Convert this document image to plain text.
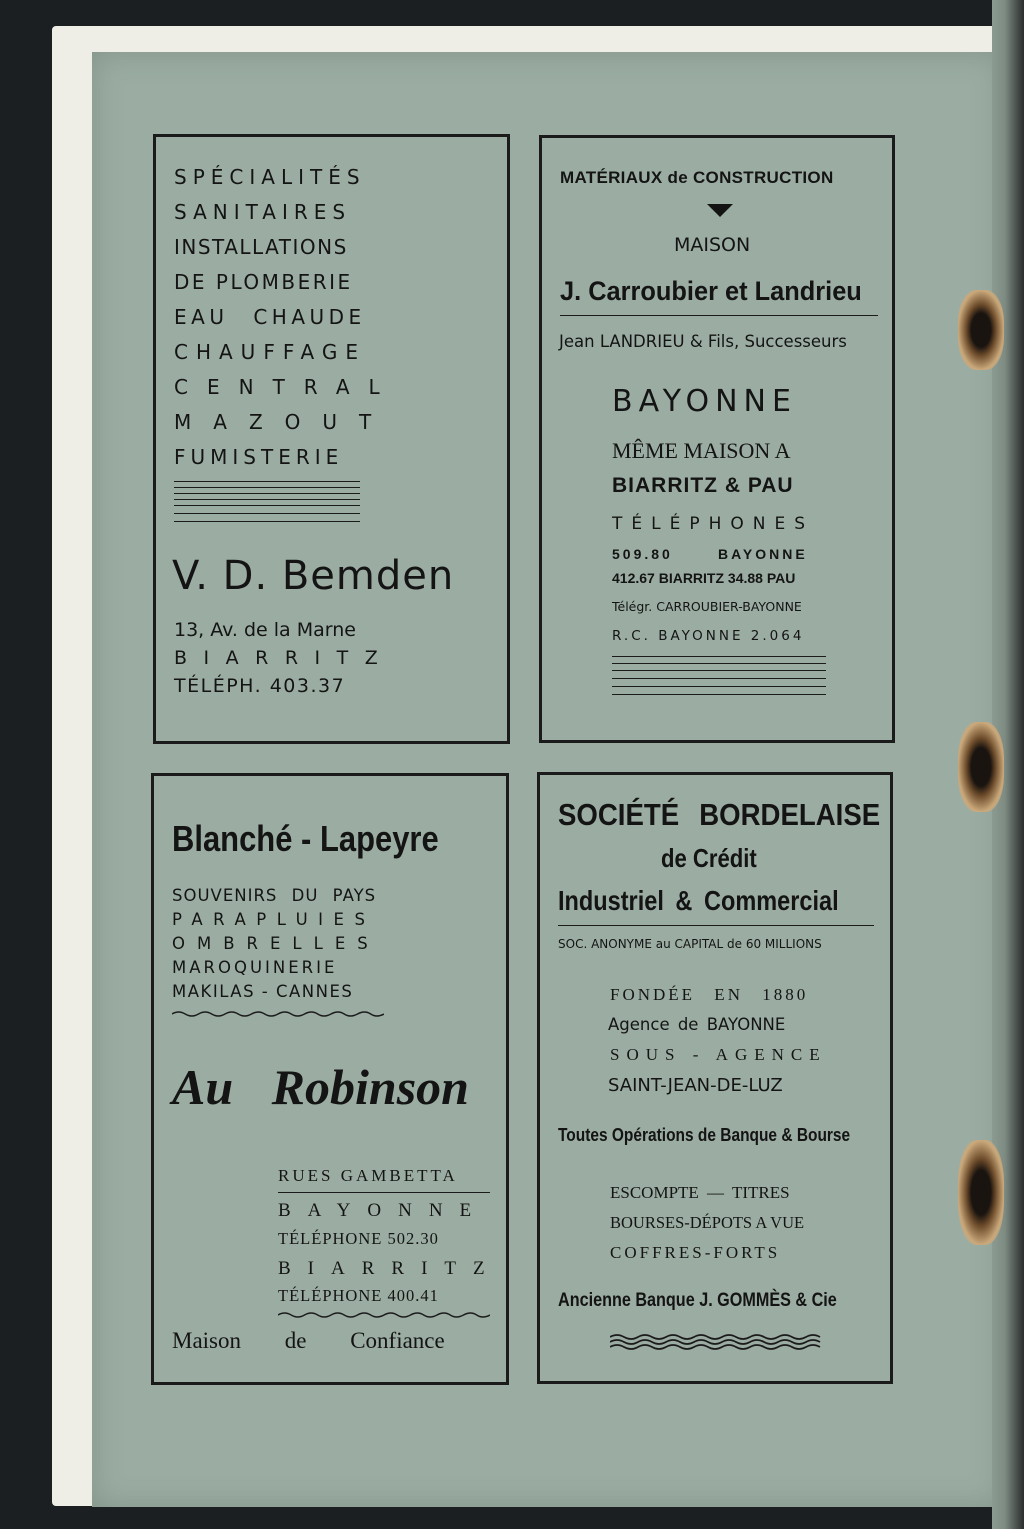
SPÉCIALITÉS
SANITAIRES
INSTALLATIONS
DE PLOMBERIE
EAU CHAUDE
CHAUFFAGE
CENTRAL
MAZOUT
FUMISTERIE
V. D. Bemden
13, Av. de la Marne
BIARRITZ
TÉLÉPH. 403.37
MATÉRIAUX de CONSTRUCTION
MAISON
J. Carroubier et Landrieu
Jean LANDRIEU & Fils, Successeurs
BAYONNE
MÊME MAISON A
BIARRITZ & PAU
TÉLÉPHONES
509.80	BAYONNE
412.67 BIARRITZ 34.88 PAU
Télégr. CARROUBIER-BAYONNE
R.C. BAYONNE 2.064
Blanché - Lapeyre
SOUVENIRS DU PAYS
PARAPLUIES
OMBRELLES
MAROQUINERIE
MAKILAS - CANNES
Au Robinson
RUES GAMBETTA
BAYONNE
TÉLÉPHONE 502.30
BIARRITZ
TÉLÉPHONE 400.41
Maison de Confiance
SOCIÉTÉ BORDELAISE
de Crédit
Industriel & Commercial
SOC. ANONYME au CAPITAL de 60 MILLIONS
FONDÉE EN 1880
Agence de BAYONNE
SOUS - AGENCE
SAINT-JEAN-DE-LUZ
Toutes Opérations de Banque & Bourse
ESCOMPTE — TITRES
BOURSES-DÉPOTS A VUE
COFFRES-FORTS
Ancienne Banque J. GOMMÈS & Cie
